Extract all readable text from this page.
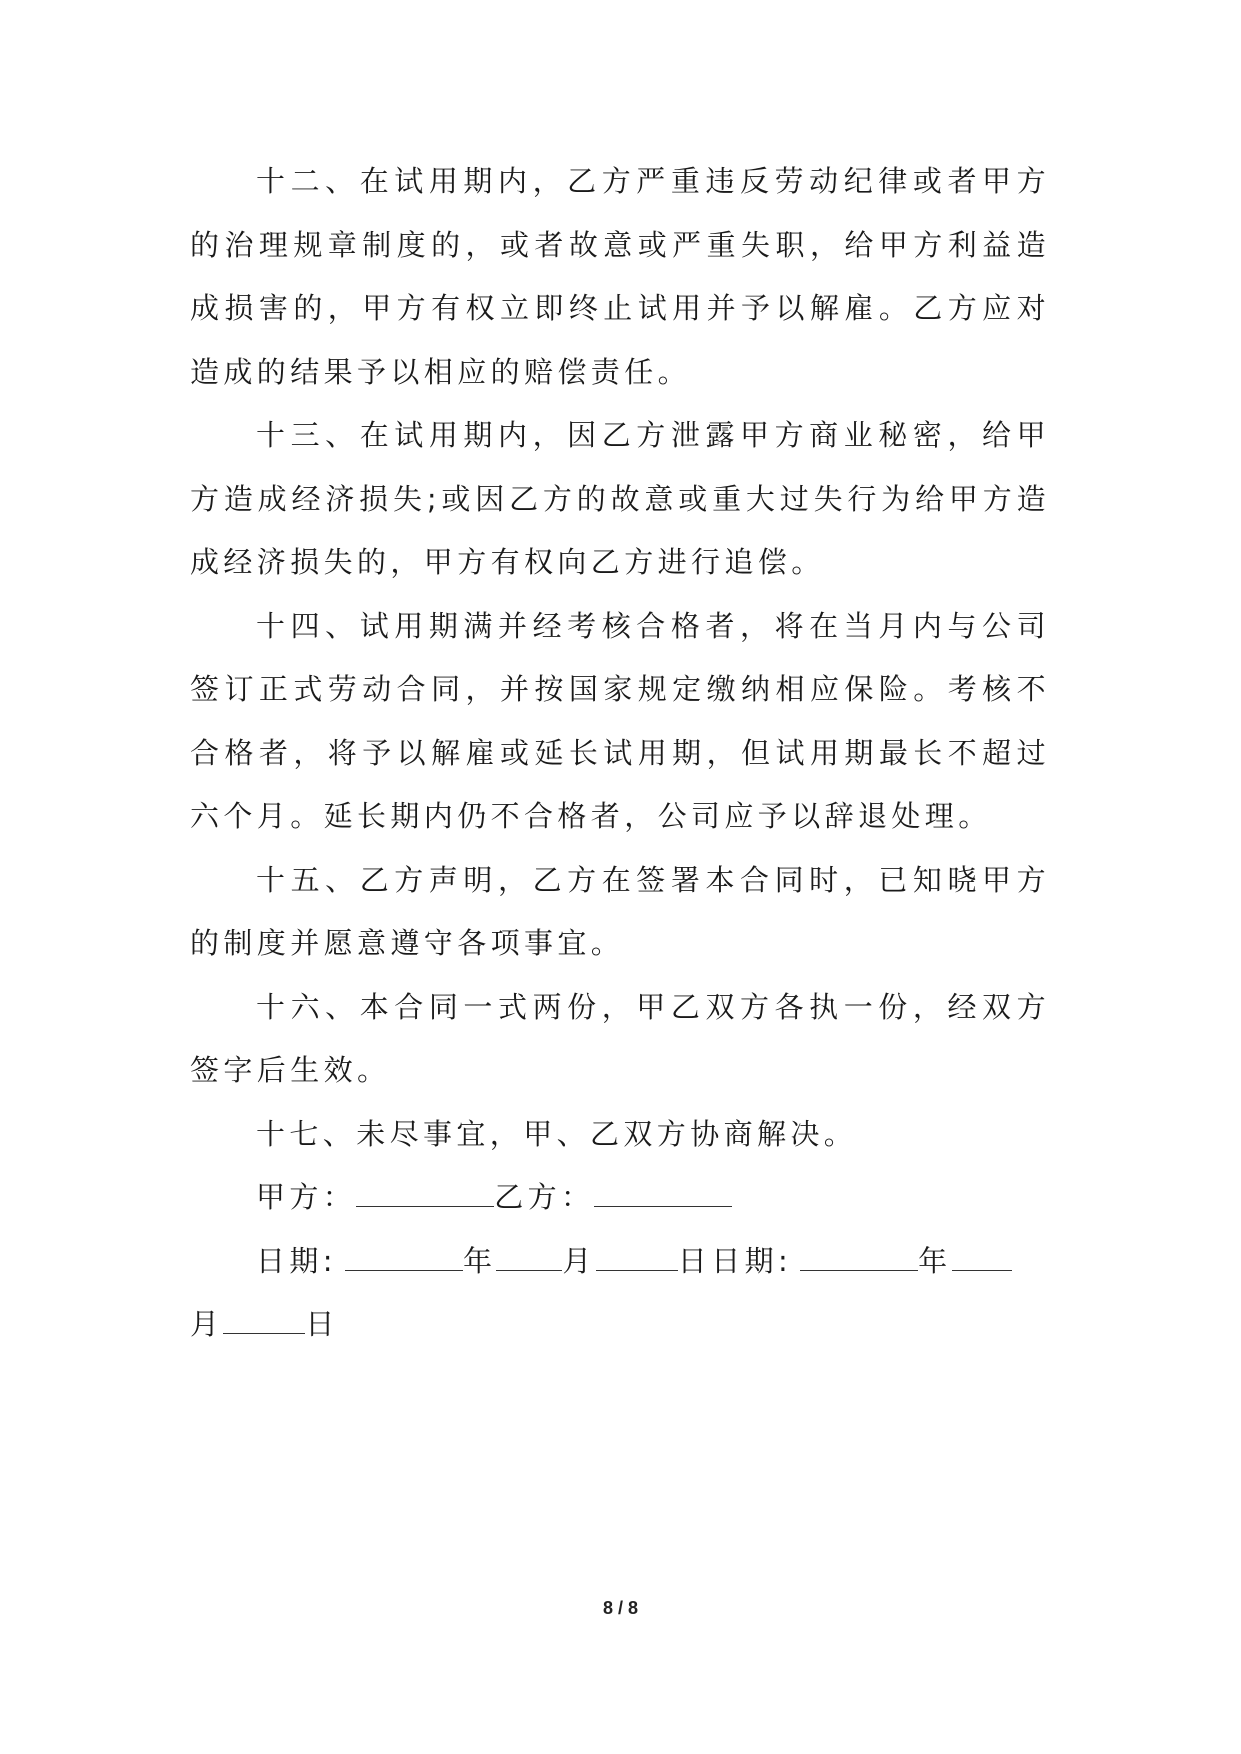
十二、在试用期内，乙方严重违反劳动纪律或者甲方的治理规章制度的，或者故意或严重失职，给甲方利益造成损害的，甲方有权立即终止试用并予以解雇。乙方应对造成的结果予以相应的赔偿责任。

十三、在试用期内，因乙方泄露甲方商业秘密，给甲方造成经济损失;或因乙方的故意或重大过失行为给甲方造成经济损失的，甲方有权向乙方进行追偿。

十四、试用期满并经考核合格者，将在当月内与公司签订正式劳动合同，并按国家规定缴纳相应保险。考核不合格者，将予以解雇或延长试用期，但试用期最长不超过六个月。延长期内仍不合格者，公司应予以辞退处理。

十五、乙方声明，乙方在签署本合同时，已知晓甲方的制度并愿意遵守各项事宜。

十六、本合同一式两份，甲乙双方各执一份，经双方签字后生效。

十七、未尽事宜，甲、乙双方协商解决。

甲方：	乙方：

日期:	年 月	日日期:	年

月	日

8 / 8
